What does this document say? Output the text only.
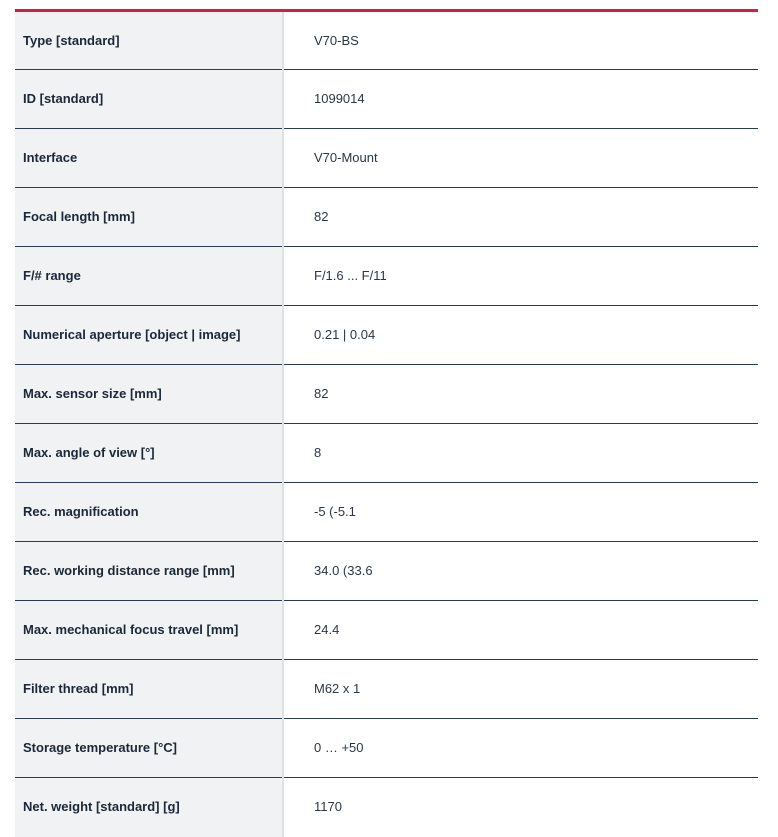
Type [standard]	V70-BS
ID [standard]	1099014
Interface	V70-Mount
Focal length [mm]	82
F/# range	F/1.6 ... F/11
Numerical aperture [object | image]	0.21 | 0.04
Max. sensor size [mm]	82
Max. angle of view [°]	8
Rec. magnification	-5 (-5.1
Rec. working distance range [mm]	34.0 (33.6
Max. mechanical focus travel [mm]	24.4
Filter thread [mm]	M62 x 1
Storage temperature [°C]	0 … +50
Net. weight [standard] [g]	1170
